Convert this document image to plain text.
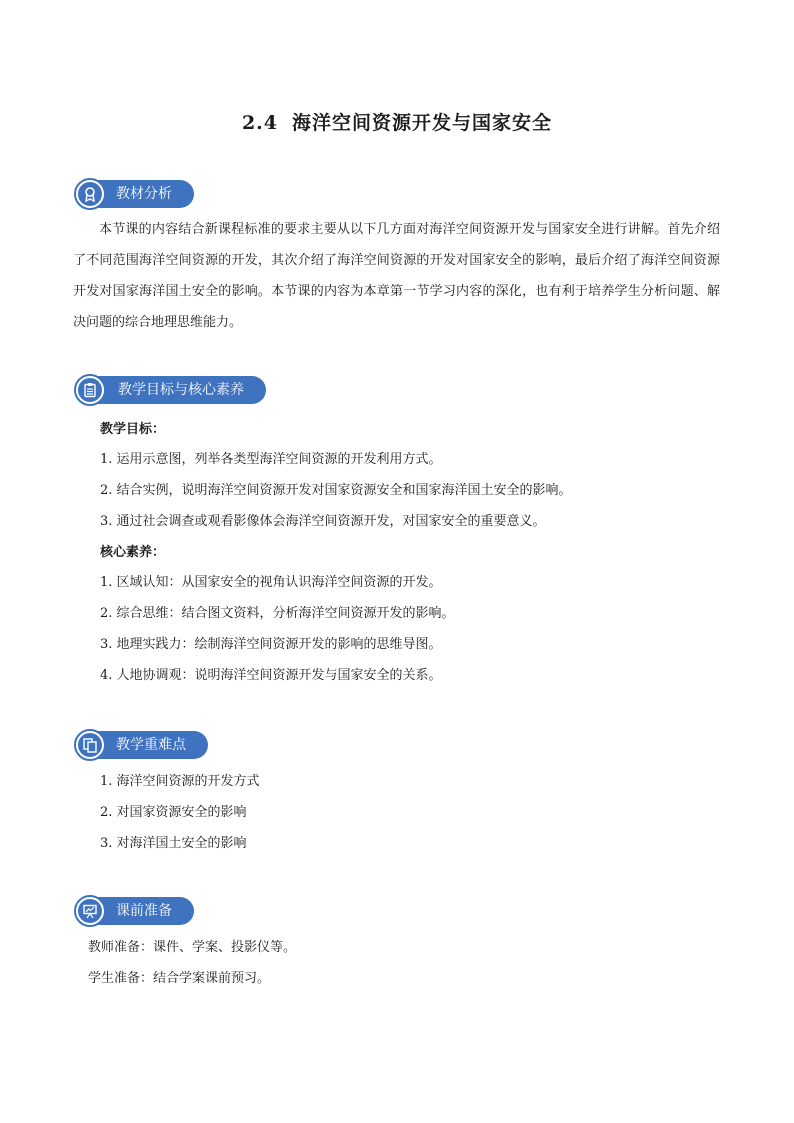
2.4 海洋空间资源开发与国家安全
教材分析
本节课的内容结合新课程标准的要求主要从以下几方面对海洋空间资源开发与国家安全进行讲解。首先介绍了不同范围海洋空间资源的开发，其次介绍了海洋空间资源的开发对国家安全的影响，最后介绍了海洋空间资源开发对国家海洋国土安全的影响。本节课的内容为本章第一节学习内容的深化，也有利于培养学生分析问题、解决问题的综合地理思维能力。
教学目标与核心素养
教学目标：
1. 运用示意图，列举各类型海洋空间资源的开发利用方式。
2. 结合实例，说明海洋空间资源开发对国家资源安全和国家海洋国土安全的影响。
3. 通过社会调查或观看影像体会海洋空间资源开发，对国家安全的重要意义。
核心素养：
1. 区域认知：从国家安全的视角认识海洋空间资源的开发。
2. 综合思维：结合图文资料，分析海洋空间资源开发的影响。
3. 地理实践力：绘制海洋空间资源开发的影响的思维导图。
4. 人地协调观：说明海洋空间资源开发与国家安全的关系。
教学重难点
1. 海洋空间资源的开发方式
2. 对国家资源安全的影响
3. 对海洋国土安全的影响
课前准备
教师准备：课件、学案、投影仪等。
学生准备：结合学案课前预习。
